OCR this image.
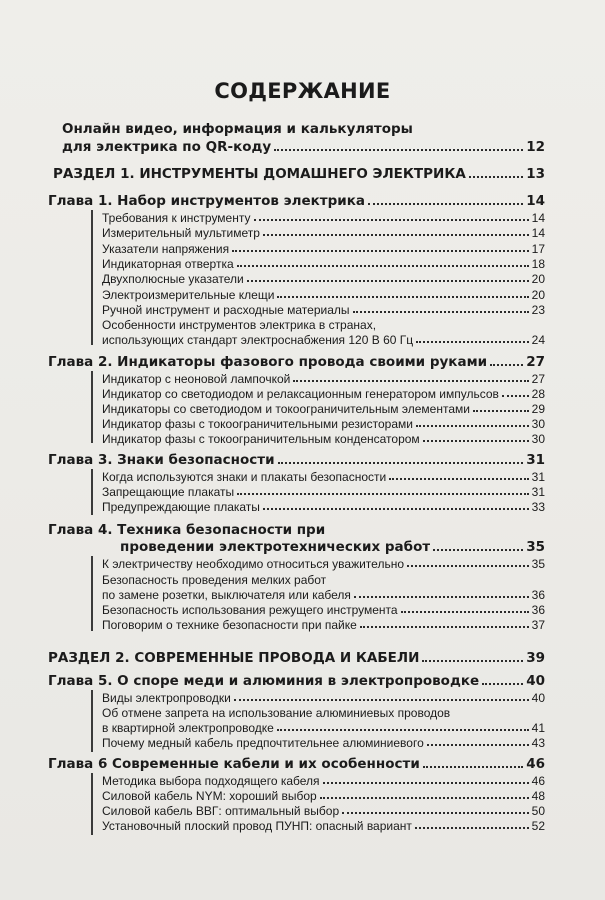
СОДЕРЖАНИЕ
Онлайн видео, информация и калькуляторы
для электрика по QR-коду	12
РАЗДЕЛ 1. ИНСТРУМЕНТЫ ДОМАШНЕГО ЭЛЕКТРИКА	13
Глава 1. Набор инструментов электрика	14
Требования к инструменту	14
Измерительный мультиметр	14
Указатели напряжения	17
Индикаторная отвертка	18
Двухполюсные указатели	20
Электроизмерительные клещи	20
Ручной инструмент и расходные материалы	23
Особенности инструментов электрика в странах,
использующих стандарт электроснабжения 120 В 60 Гц	24
Глава 2. Индикаторы фазового провода своими руками	27
Индикатор с неоновой лампочкой	27
Индикатор со светодиодом и релаксационным генератором импульсов	28
Индикаторы со светодиодом и токоограничительным элементами	29
Индикатор фазы с токоограничительными резисторами	30
Индикатор фазы с токоограничительным конденсатором	30
Глава 3. Знаки безопасности	31
Когда используются знаки и плакаты безопасности	31
Запрещающие плакаты	31
Предупреждающие плакаты	33
Глава 4. Техника безопасности при
проведении электротехнических работ	35
К электричеству необходимо относиться уважительно	35
Безопасность проведения мелких работ
по замене розетки, выключателя или кабеля	36
Безопасность использования режущего инструмента	36
Поговорим о технике безопасности при пайке	37
РАЗДЕЛ 2. СОВРЕМЕННЫЕ ПРОВОДА И КАБЕЛИ	39
Глава 5. О споре меди и алюминия в электропроводке	40
Виды электропроводки	40
Об отмене запрета на использование алюминиевых проводов
в квартирной электропроводке	41
Почему медный кабель предпочтительнее алюминиевого	43
Глава 6 Современные кабели и их особенности	46
Методика выбора подходящего кабеля	46
Силовой кабель NYM: хороший выбор	48
Силовой кабель ВВГ: оптимальный выбор	50
Установочный плоский провод ПУНП: опасный вариант	52
